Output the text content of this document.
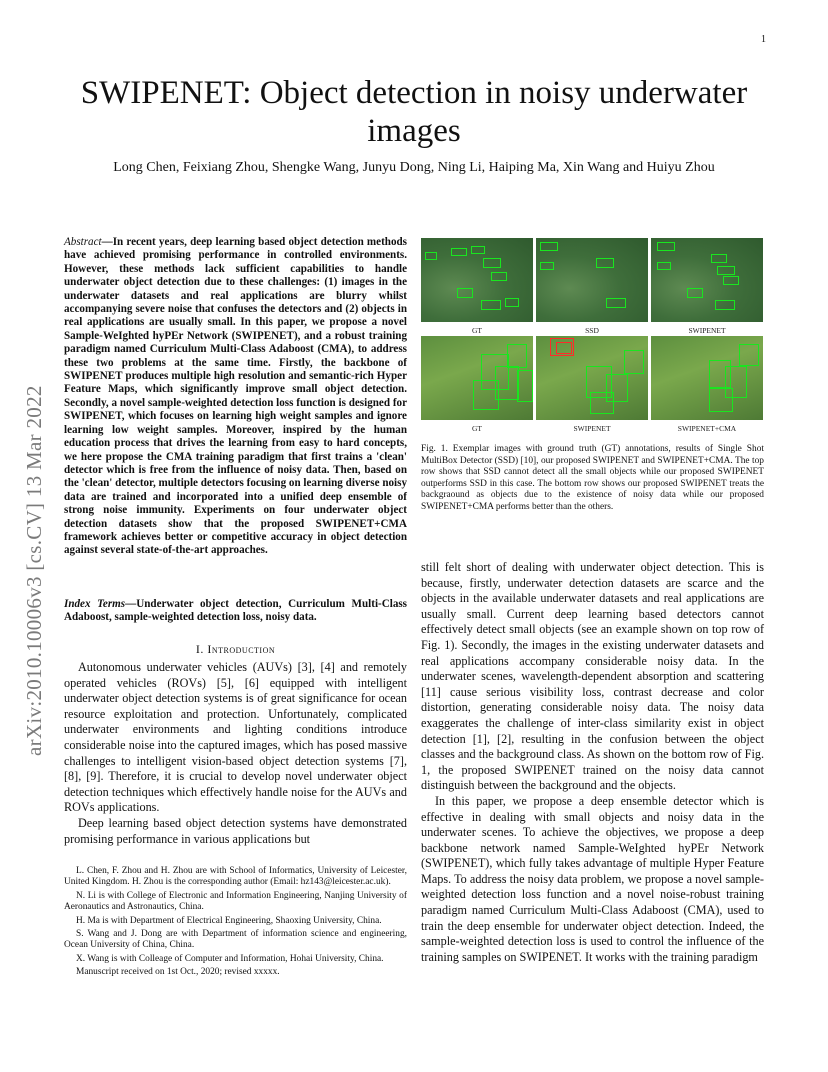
1
SWIPENET: Object detection in noisy underwater images
Long Chen, Feixiang Zhou, Shengke Wang, Junyu Dong, Ning Li, Haiping Ma, Xin Wang and Huiyu Zhou
arXiv:2010.10006v3 [cs.CV] 13 Mar 2022
Abstract—In recent years, deep learning based object detection methods have achieved promising performance in controlled environments. However, these methods lack sufficient capabilities to handle underwater object detection due to these challenges: (1) images in the underwater datasets and real applications are blurry whilst accompanying severe noise that confuses the detectors and (2) objects in real applications are usually small. In this paper, we propose a novel Sample-WeIghted hyPEr Network (SWIPENET), and a robust training paradigm named Curriculum Multi-Class Adaboost (CMA), to address these two problems at the same time. Firstly, the backbone of SWIPENET produces multiple high resolution and semantic-rich Hyper Feature Maps, which significantly improve small object detection. Secondly, a novel sample-weighted detection loss function is designed for SWIPENET, which focuses on learning high weight samples and ignore learning low weight samples. Moreover, inspired by the human education process that drives the learning from easy to hard concepts, we here propose the CMA training paradigm that first trains a 'clean' detector which is free from the influence of noisy data. Then, based on the 'clean' detector, multiple detectors focusing on learning diverse noisy data are trained and incorporated into a unified deep ensemble of strong noise immunity. Experiments on four underwater object detection datasets show that the proposed SWIPENET+CMA framework achieves better or competitive accuracy in object detection against several state-of-the-art approaches.
Index Terms—Underwater object detection, Curriculum Multi-Class Adaboost, sample-weighted detection loss, noisy data.
I. Introduction

Autonomous underwater vehicles (AUVs) [3], [4] and remotely operated vehicles (ROVs) [5], [6] equipped with intelligent underwater object detection systems is of great significance for ocean resource exploitation and protection. Unfortunately, complicated underwater environments and lighting conditions introduce considerable noise into the captured images, which has posed massive challenges to intelligent vision-based object detection systems [7], [8], [9]. Therefore, it is crucial to develop novel underwater object detection techniques which effectively handle noise for the AUVs and ROVs applications.

Deep learning based object detection systems have demonstrated promising performance in various applications but

L. Chen, F. Zhou and H. Zhou are with School of Informatics, University of Leicester, United Kingdom. H. Zhou is the corresponding author (Email: hz143@leicester.ac.uk).

N. Li is with College of Electronic and Information Engineering, Nanjing University of Aeronautics and Astronautics, China.

H. Ma is with Department of Electrical Engineering, Shaoxing University, China.

S. Wang and J. Dong are with Department of information science and engineering, Ocean University of China, China.

X. Wang is with Colleage of Computer and Information, Hohai University, China.

Manuscript received on 1st Oct., 2020; revised xxxxx.

GT	SSD	SWIPENET
GT	SWIPENET	SWIPENET+CMA
Fig. 1. Exemplar images with ground truth (GT) annotations, results of Single Shot MultiBox Detector (SSD) [10], our proposed SWIPENET and SWIPENET+CMA. The top row shows that SSD cannot detect all the small objects while our proposed SWIPENET outperforms SSD in this case. The bottom row shows our proposed SWIPENET treats the backgraound as objects due to the existence of noisy data while our proposed SWIPENET+CMA performs better than the others.

still felt short of dealing with underwater object detection. This is because, firstly, underwater detection datasets are scarce and the objects in the available underwater datasets and real applications are usually small. Current deep learning based detectors cannot effectively detect small objects (see an example shown on top row of Fig. 1). Secondly, the images in the existing underwater datasets and real applications accompany considerable noisy data. In the underwater scenes, wavelength-dependent absorption and scattering [11] cause serious visibility loss, contrast decrease and color distortion, generating considerable noisy data. The noisy data exaggerates the challenge of inter-class similarity exist in object detection [1], [2], resulting in the confusion between the object classes and the background class. As shown on the bottom row of Fig. 1, the proposed SWIPENET trained on the noisy data cannot distinguish between the background and the objects.

In this paper, we propose a deep ensemble detector which is effective in dealing with small objects and noisy data in the underwater scenes. To achieve the objectives, we propose a deep backbone network named Sample-WeIghted hyPEr Network (SWIPENET), which fully takes advantage of multiple Hyper Feature Maps. To address the noisy data problem, we propose a novel sample-weighted detection loss function and a novel noise-robust training paradigm named Curriculum Multi-Class Adaboost (CMA), used to train the deep ensemble for underwater object detection. Indeed, the sample-weighted detection loss is used to control the influence of the training samples on SWIPENET. It works with the training paradigm
